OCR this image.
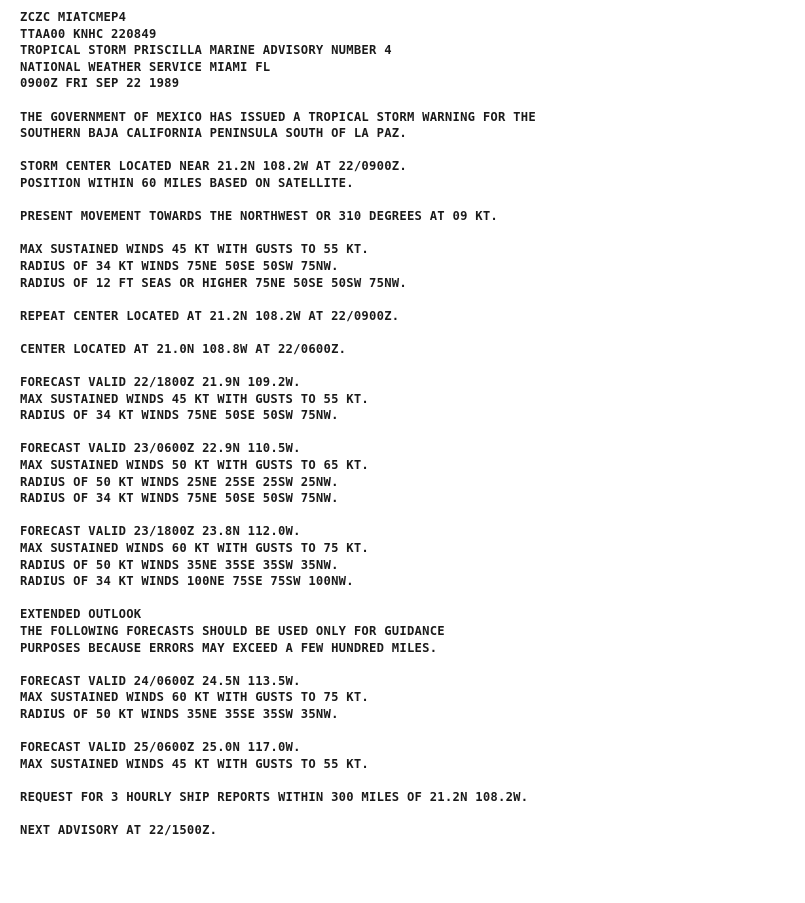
ZCZC MIATCMEP4
TTAA00 KNHC 220849
TROPICAL STORM PRISCILLA MARINE ADVISORY NUMBER 4
NATIONAL WEATHER SERVICE MIAMI FL
0900Z FRI SEP 22 1989
THE GOVERNMENT OF MEXICO HAS ISSUED A TROPICAL STORM WARNING FOR THE
SOUTHERN BAJA CALIFORNIA PENINSULA SOUTH OF LA PAZ.
STORM CENTER LOCATED NEAR 21.2N 108.2W AT 22/0900Z.
POSITION WITHIN 60 MILES BASED ON SATELLITE.
PRESENT MOVEMENT TOWARDS THE NORTHWEST OR 310 DEGREES AT 09 KT.
MAX SUSTAINED WINDS 45 KT WITH GUSTS TO 55 KT.
RADIUS OF 34 KT WINDS 75NE 50SE 50SW 75NW.
RADIUS OF 12 FT SEAS OR HIGHER 75NE 50SE 50SW 75NW.
REPEAT CENTER LOCATED AT 21.2N 108.2W AT 22/0900Z.
CENTER LOCATED AT 21.0N 108.8W AT 22/0600Z.
FORECAST VALID 22/1800Z 21.9N 109.2W.
MAX SUSTAINED WINDS 45 KT WITH GUSTS TO 55 KT.
RADIUS OF 34 KT WINDS 75NE 50SE 50SW 75NW.
FORECAST VALID 23/0600Z 22.9N 110.5W.
MAX SUSTAINED WINDS 50 KT WITH GUSTS TO 65 KT.
RADIUS OF 50 KT WINDS 25NE 25SE 25SW 25NW.
RADIUS OF 34 KT WINDS 75NE 50SE 50SW 75NW.
FORECAST VALID 23/1800Z 23.8N 112.0W.
MAX SUSTAINED WINDS 60 KT WITH GUSTS TO 75 KT.
RADIUS OF 50 KT WINDS 35NE 35SE 35SW 35NW.
RADIUS OF 34 KT WINDS 100NE 75SE 75SW 100NW.
EXTENDED OUTLOOK
THE FOLLOWING FORECASTS SHOULD BE USED ONLY FOR GUIDANCE
PURPOSES BECAUSE ERRORS MAY EXCEED A FEW HUNDRED MILES.
FORECAST VALID 24/0600Z 24.5N 113.5W.
MAX SUSTAINED WINDS 60 KT WITH GUSTS TO 75 KT.
RADIUS OF 50 KT WINDS 35NE 35SE 35SW 35NW.
FORECAST VALID 25/0600Z 25.0N 117.0W.
MAX SUSTAINED WINDS 45 KT WITH GUSTS TO 55 KT.
REQUEST FOR 3 HOURLY SHIP REPORTS WITHIN 300 MILES OF 21.2N 108.2W.
NEXT ADVISORY AT 22/1500Z.
